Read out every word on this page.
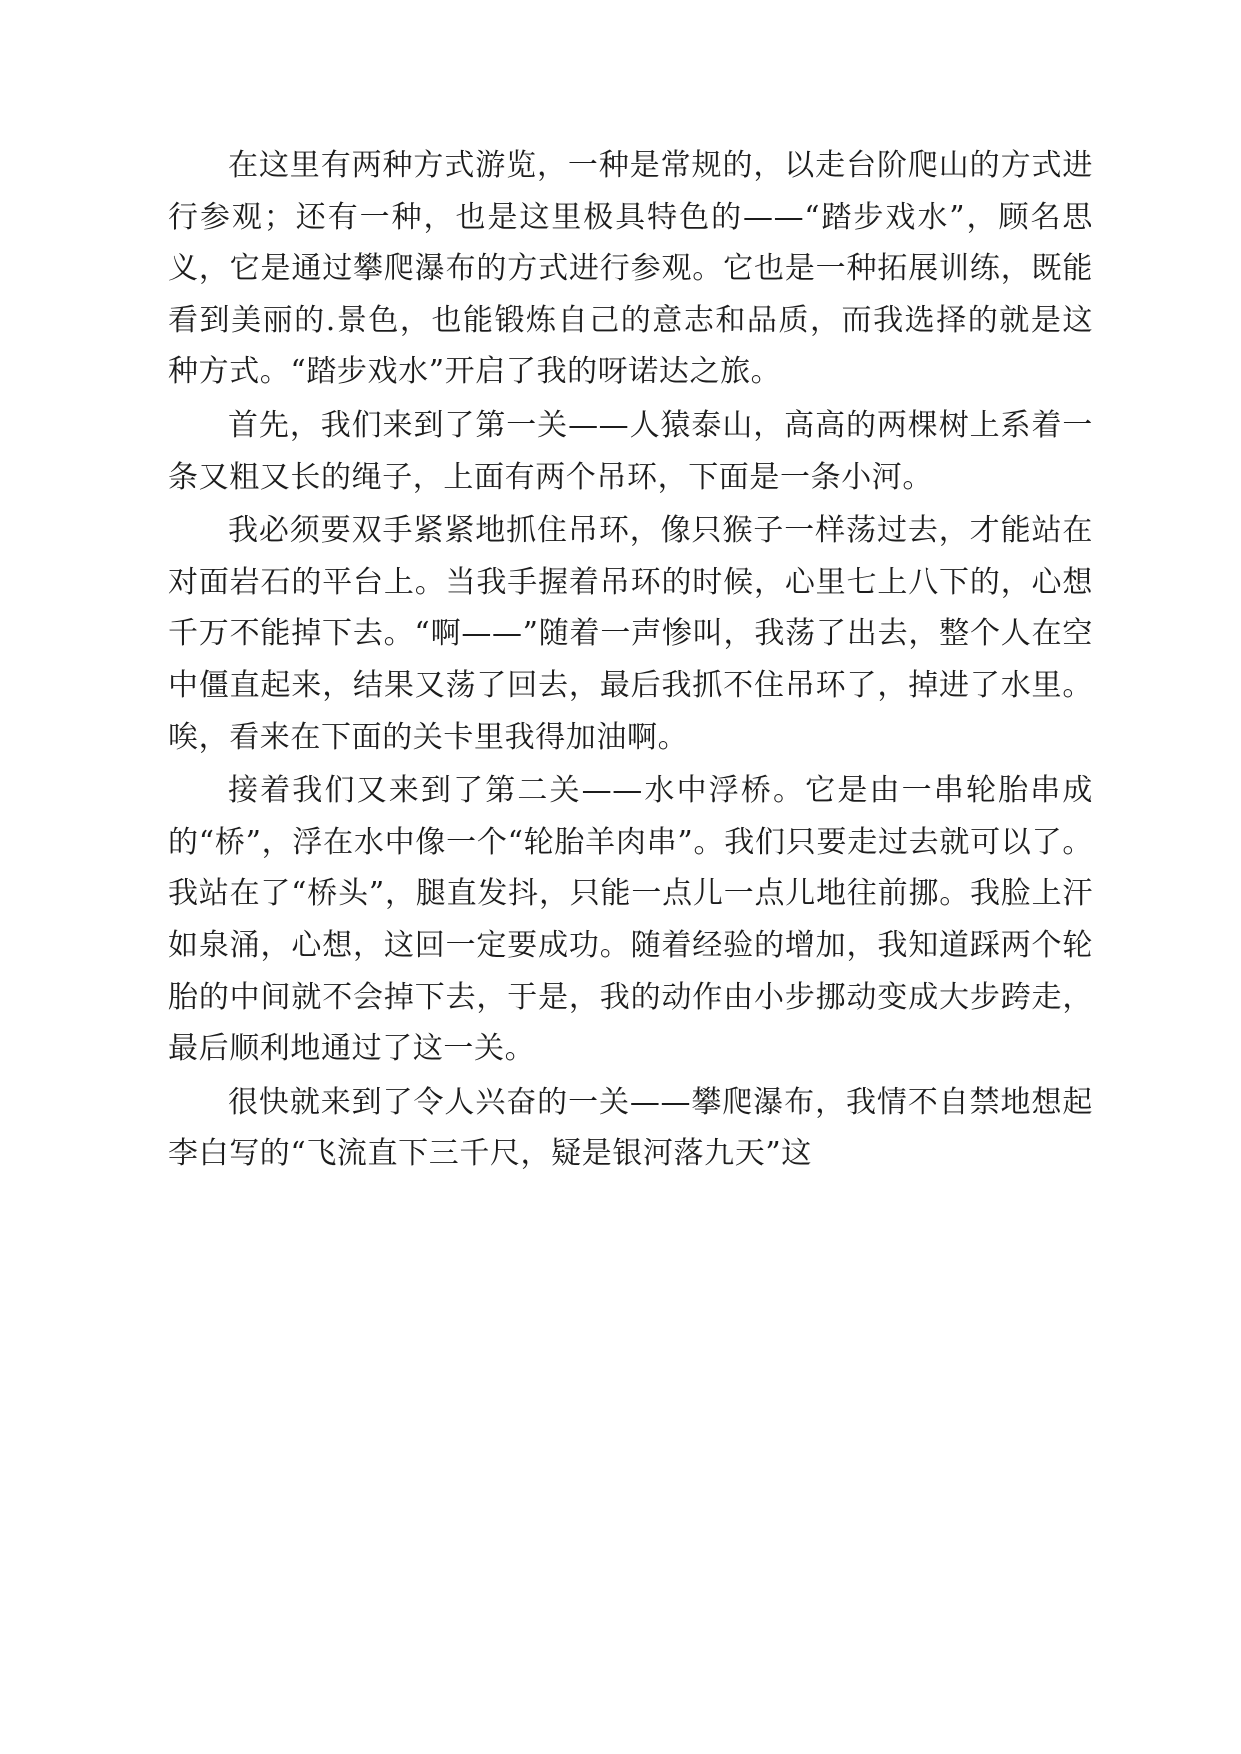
在这里有两种方式游览，一种是常规的，以走台阶爬山的方式进行参观；还有一种，也是这里极具特色的——“踏步戏水”，顾名思义，它是通过攀爬瀑布的方式进行参观。它也是一种拓展训练，既能看到美丽的.景色，也能锻炼自己的意志和品质，而我选择的就是这种方式。“踏步戏水”开启了我的呀诺达之旅。

首先，我们来到了第一关——人猿泰山，高高的两棵树上系着一条又粗又长的绳子，上面有两个吊环，下面是一条小河。

我必须要双手紧紧地抓住吊环，像只猴子一样荡过去，才能站在对面岩石的平台上。当我手握着吊环的时候，心里七上八下的，心想千万不能掉下去。“啊——”随着一声惨叫，我荡了出去，整个人在空中僵直起来，结果又荡了回去，最后我抓不住吊环了，掉进了水里。唉，看来在下面的关卡里我得加油啊。

接着我们又来到了第二关——水中浮桥。它是由一串轮胎串成的“桥”，浮在水中像一个“轮胎羊肉串”。我们只要走过去就可以了。我站在了“桥头”，腿直发抖，只能一点儿一点儿地往前挪。我脸上汗如泉涌，心想，这回一定要成功。随着经验的增加，我知道踩两个轮胎的中间就不会掉下去，于是，我的动作由小步挪动变成大步跨走，最后顺利地通过了这一关。

很快就来到了令人兴奋的一关——攀爬瀑布，我情不自禁地想起李白写的“飞流直下三千尺，疑是银河落九天”这
